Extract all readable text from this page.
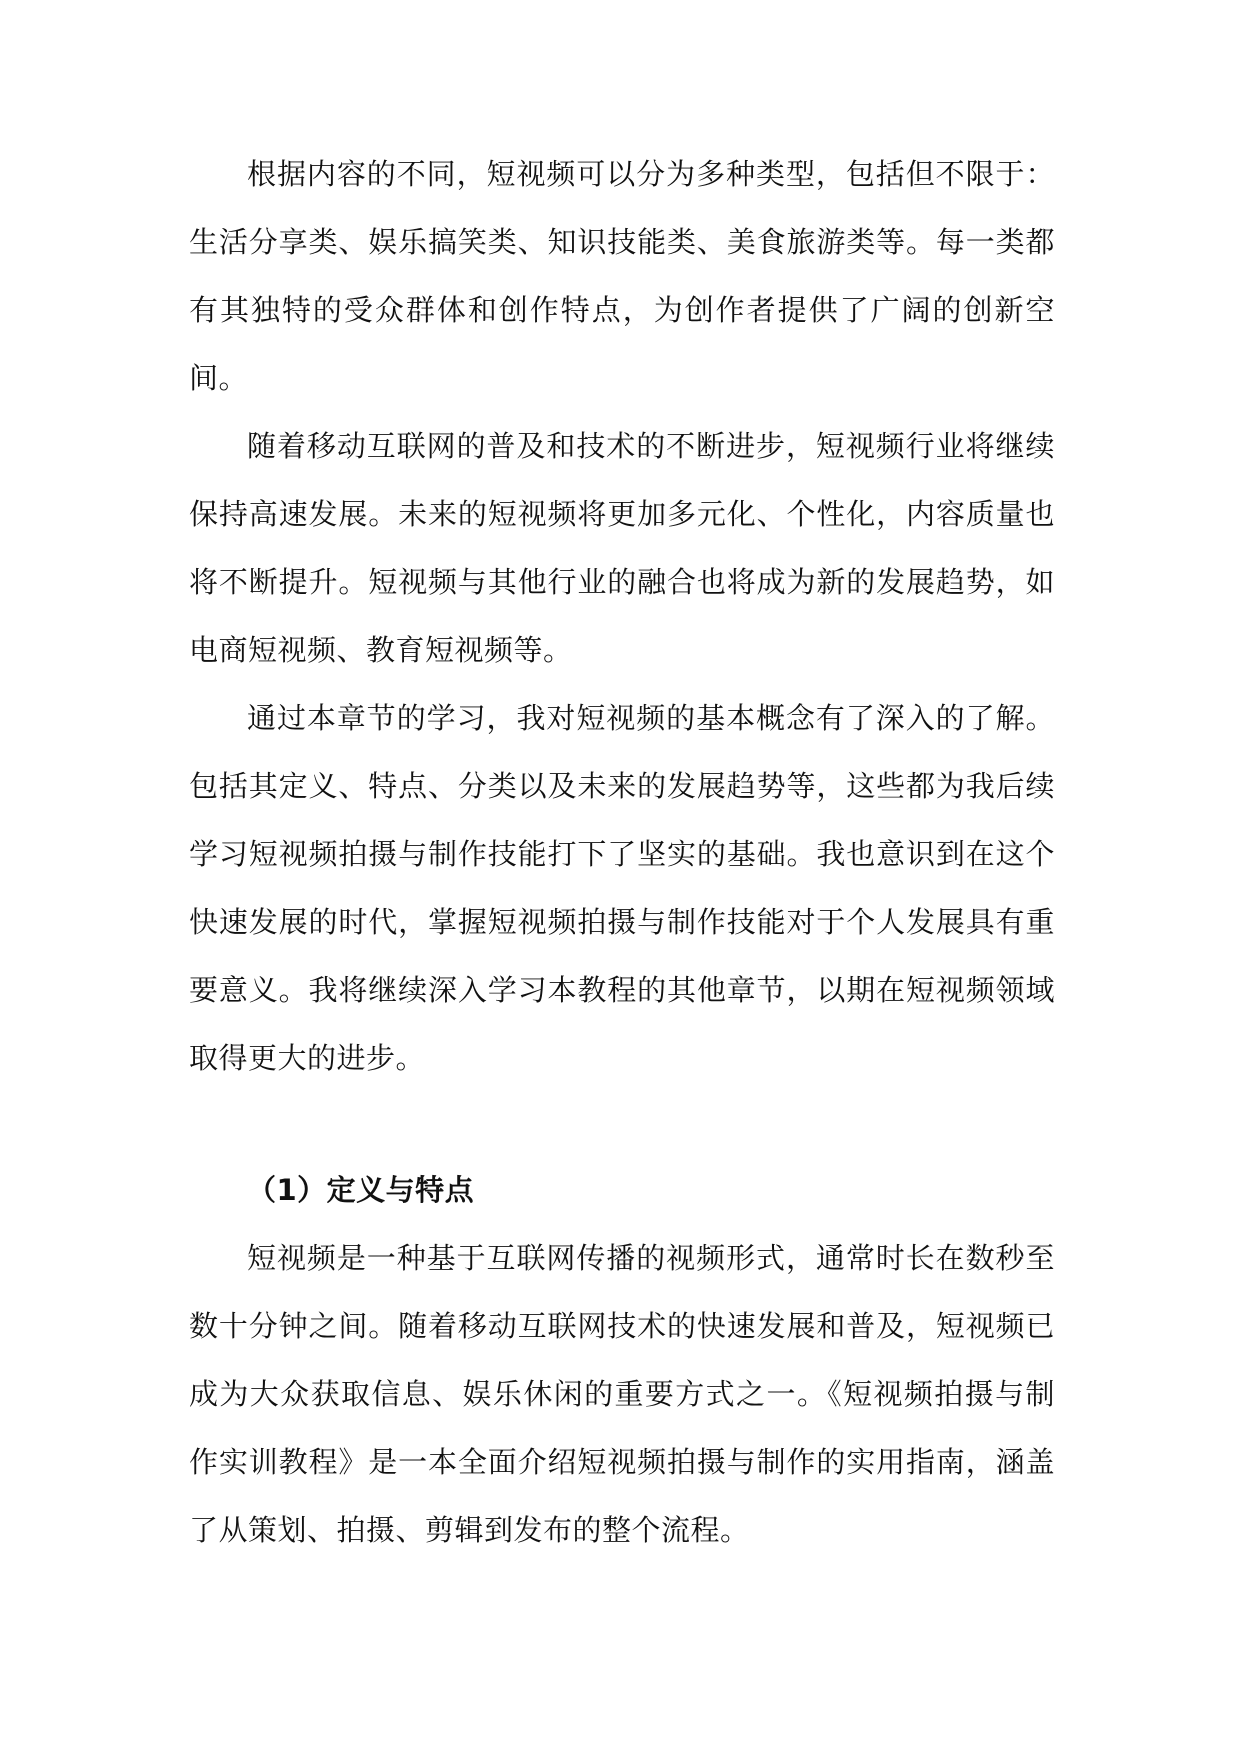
根据内容的不同，短视频可以分为多种类型，包括但不限于：生活分享类、娱乐搞笑类、知识技能类、美食旅游类等。每一类都有其独特的受众群体和创作特点，为创作者提供了广阔的创新空间。

随着移动互联网的普及和技术的不断进步，短视频行业将继续保持高速发展。未来的短视频将更加多元化、个性化，内容质量也将不断提升。短视频与其他行业的融合也将成为新的发展趋势，如电商短视频、教育短视频等。

通过本章节的学习，我对短视频的基本概念有了深入的了解。包括其定义、特点、分类以及未来的发展趋势等，这些都为我后续学习短视频拍摄与制作技能打下了坚实的基础。我也意识到在这个快速发展的时代，掌握短视频拍摄与制作技能对于个人发展具有重要意义。我将继续深入学习本教程的其他章节，以期在短视频领域取得更大的进步。

（1）定义与特点

短视频是一种基于互联网传播的视频形式，通常时长在数秒至数十分钟之间。随着移动互联网技术的快速发展和普及，短视频已成为大众获取信息、娱乐休闲的重要方式之一。《短视频拍摄与制作实训教程》是一本全面介绍短视频拍摄与制作的实用指南，涵盖了从策划、拍摄、剪辑到发布的整个流程。
